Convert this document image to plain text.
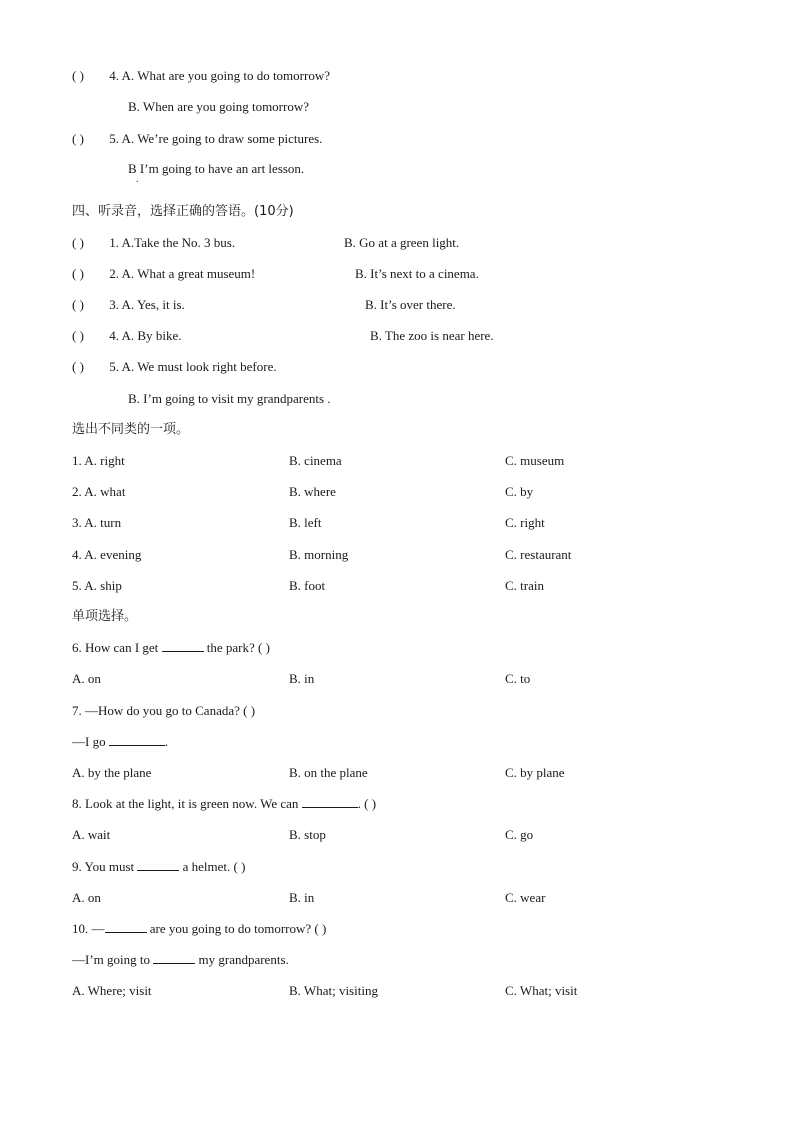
( ) 4. A. What are you going to do tomorrow?
B. When are you going tomorrow?
( ) 5. A. We’re going to draw some pictures.
B I’m going to have an art lesson.
.
四、听录音，选择正确的答语。(10分)
( ) 1. A.Take the No. 3 bus.	B. Go at a green light.
( ) 2. A. What a great museum!	B. It’s next to a cinema.
( ) 3. A. Yes, it is.	B. It’s over there.
( ) 4. A. By bike.	B. The zoo is near here.
( ) 5. A. We must look right before.
B. I’m going to visit my grandparents .
选出不同类的一项。
1. A. right	B. cinema	C. museum
2. A. what	B. where	C. by
3. A. turn	B. left	C. right
4. A. evening	B. morning	C. restaurant
5. A. ship	B. foot	C. train
单项选择。
6. How can I get	the park? ( )
A. on	B. in	C. to
7. —How do you go to Canada? ( )
—I go	.
A. by the plane	B. on the plane	C. by plane
8. Look at the light, it is green now. We can	. ( )
A. wait	B. stop	C. go
9. You must	a helmet. ( )
A. on	B. in	C. wear
10. —	are you going to do tomorrow? ( )
—I’m going to	my grandparents.
A. Where; visit	B. What; visiting	C. What; visit
